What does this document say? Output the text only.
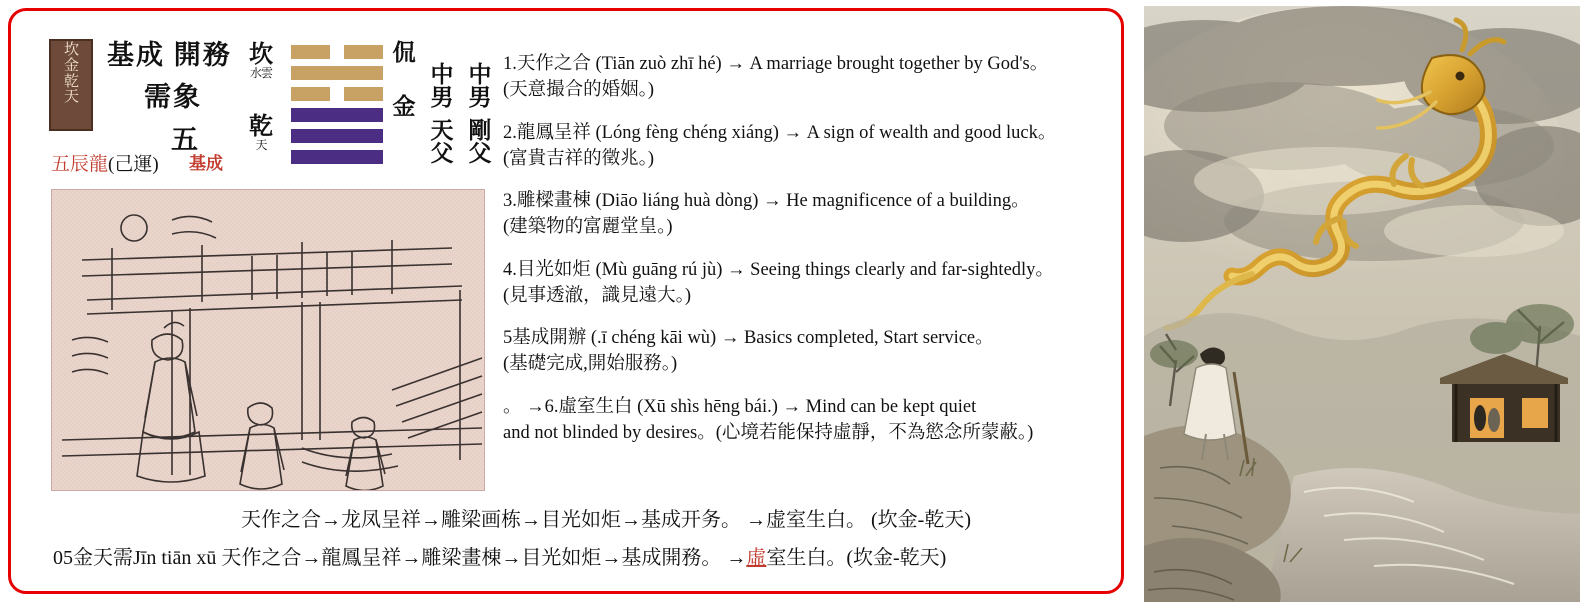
坎
金
乾
天
基成 開務
需象
五
五辰龍(己運) 基成
坎
水雲
乾
天
侃
金
中男
天父
中男
剛父
1.天作之合 (Tiān zuò zhī hé) → A marriage brought together by God's。
(天意撮合的婚姻。)
2.龍鳳呈祥 (Lóng fèng chéng xiáng) → A sign of wealth and good luck。
(富貴吉祥的徵兆。)
3.雕樑畫棟 (Diāo liáng huà dòng) → He magnificence of a building。
(建築物的富麗堂皇。)
4.目光如炬 (Mù guāng rú jù) → Seeing things clearly and far-sightedly。
(見事透澈，識見遠大。)
5基成開辦 (.ī chéng kāi wù) → Basics completed, Start service。
(基礎完成,開始服務。)
。 →6.虛室生白 (Xū shìs hēng bái.) → Mind can be kept quiet
and not blinded by desires。(心境若能保持虛靜，不為慾念所蒙蔽。)
天作之合→龙凤呈祥→雕梁画栋→目光如炬→基成开务。 →虚室生白。 (坎金-乾天)
05金天需Jīn tiān xū 天作之合→龍鳳呈祥→雕梁畫棟→目光如炬→基成開務。 →虛室生白。(坎金-乾天)
